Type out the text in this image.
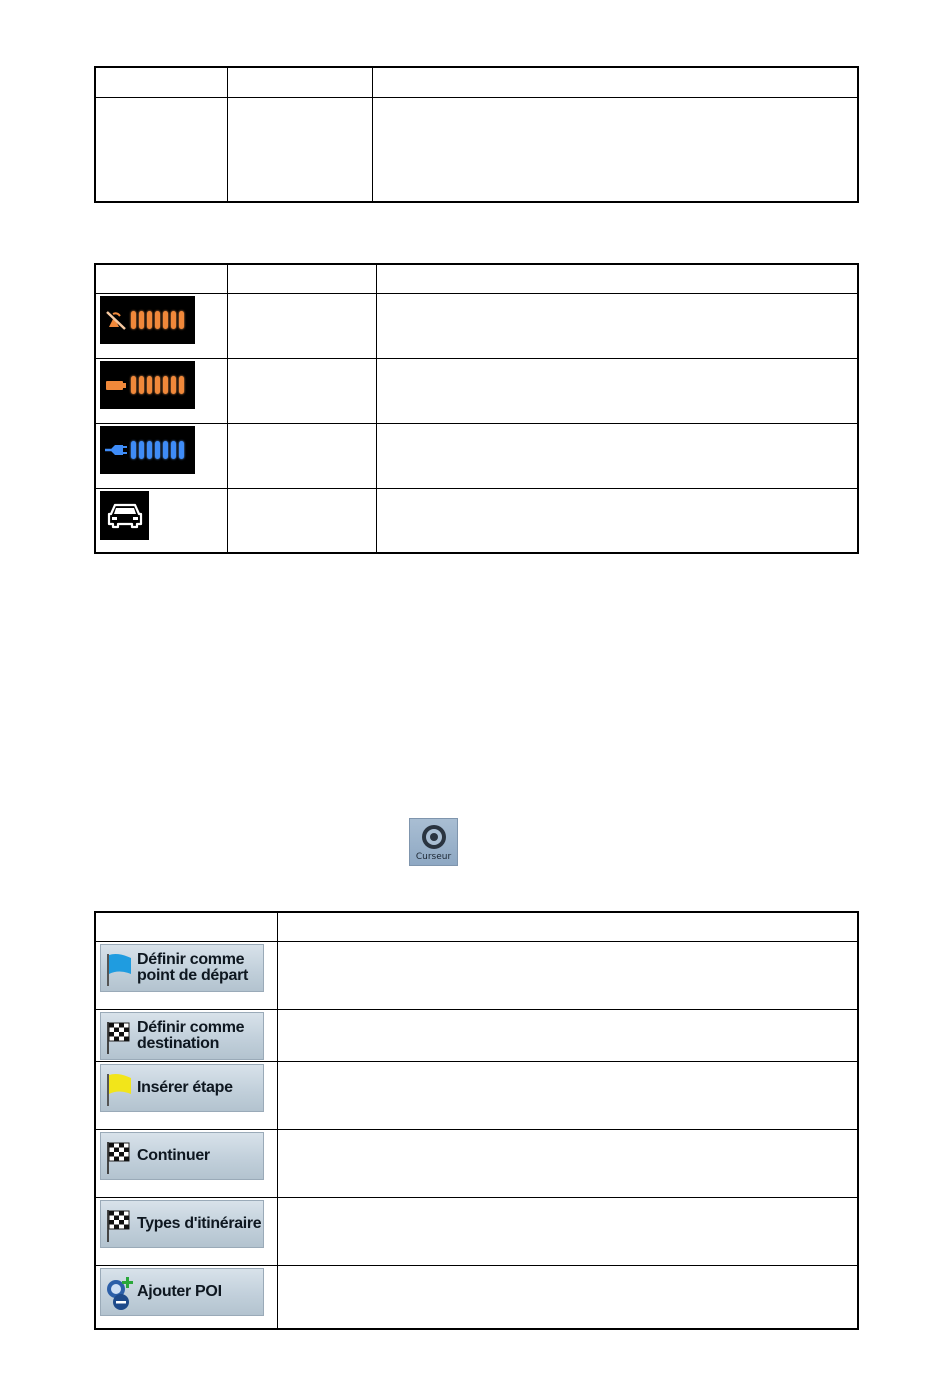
Curseur

Définir comme
point de départ	

Définir comme
destination	

Insérer étape	

Continuer	

Types d'itinéraire	

Ajouter POI	
